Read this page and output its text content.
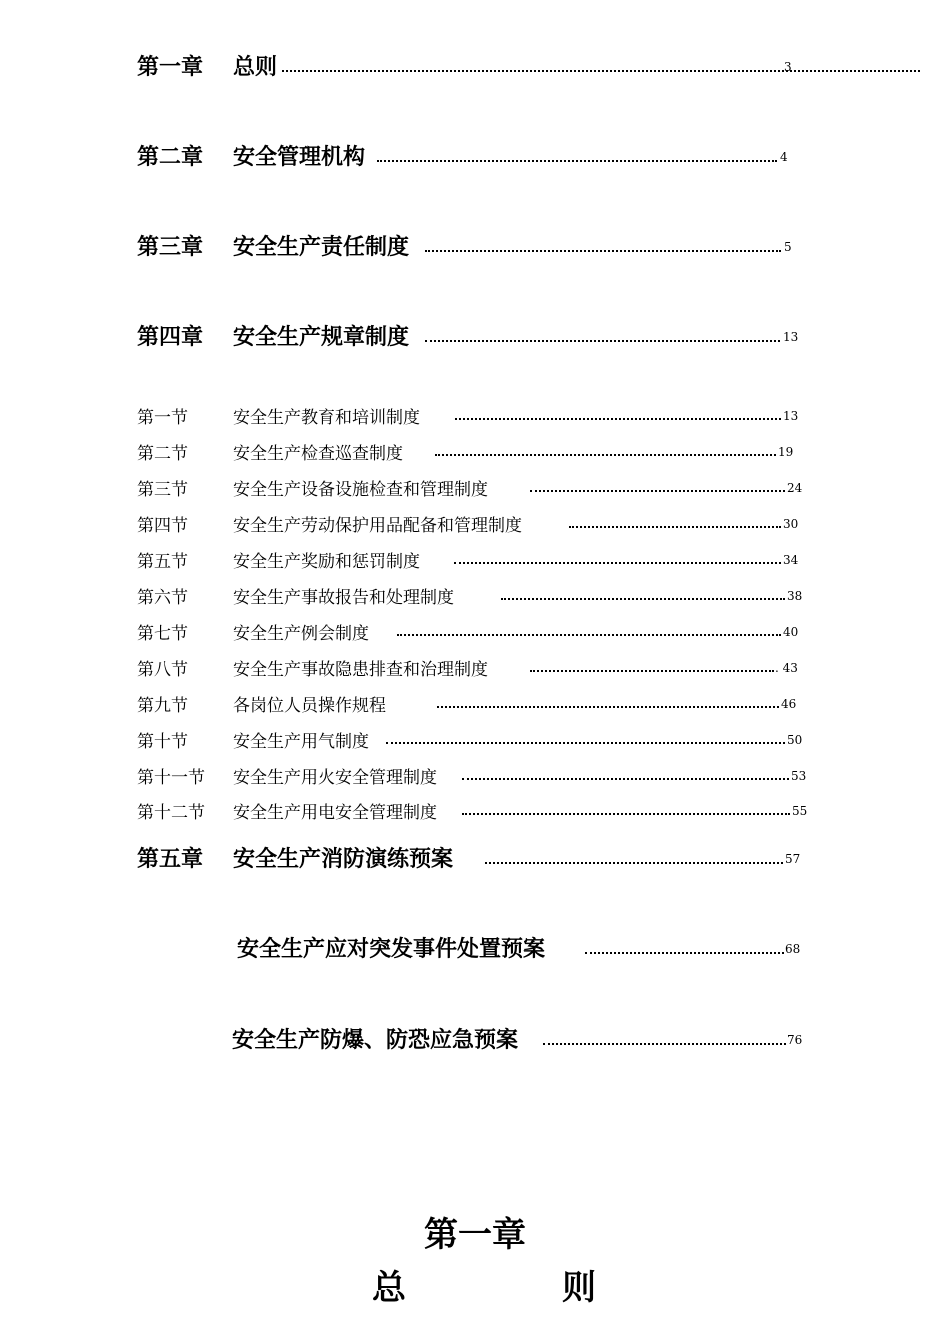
第一章 总则	3
第二章 安全管理机构	4
第三章 安全生产责任制度	5
第四章 安全生产规章制度	13
第一节	安全生产教育和培训制度	13
第二节	安全生产检查巡查制度	19
第三节	安全生产设备设施检查和管理制度	24
第四节	安全生产劳动保护用品配备和管理制度	30
第五节	安全生产奖励和惩罚制度	34
第六节	安全生产事故报告和处理制度	38
第七节	安全生产例会制度	40
第八节	安全生产事故隐患排查和治理制度	. 43
第九节	各岗位人员操作规程	46
第十节	安全生产用气制度	50
第十一节 安全生产用火安全管理制度	53
第十二节 安全生产用电安全管理制度	55
第五章 安全生产消防演练预案	57
安全生产应对突发事件处置预案	68
安全生产防爆、防恐应急预案	76
第一章
总	则
